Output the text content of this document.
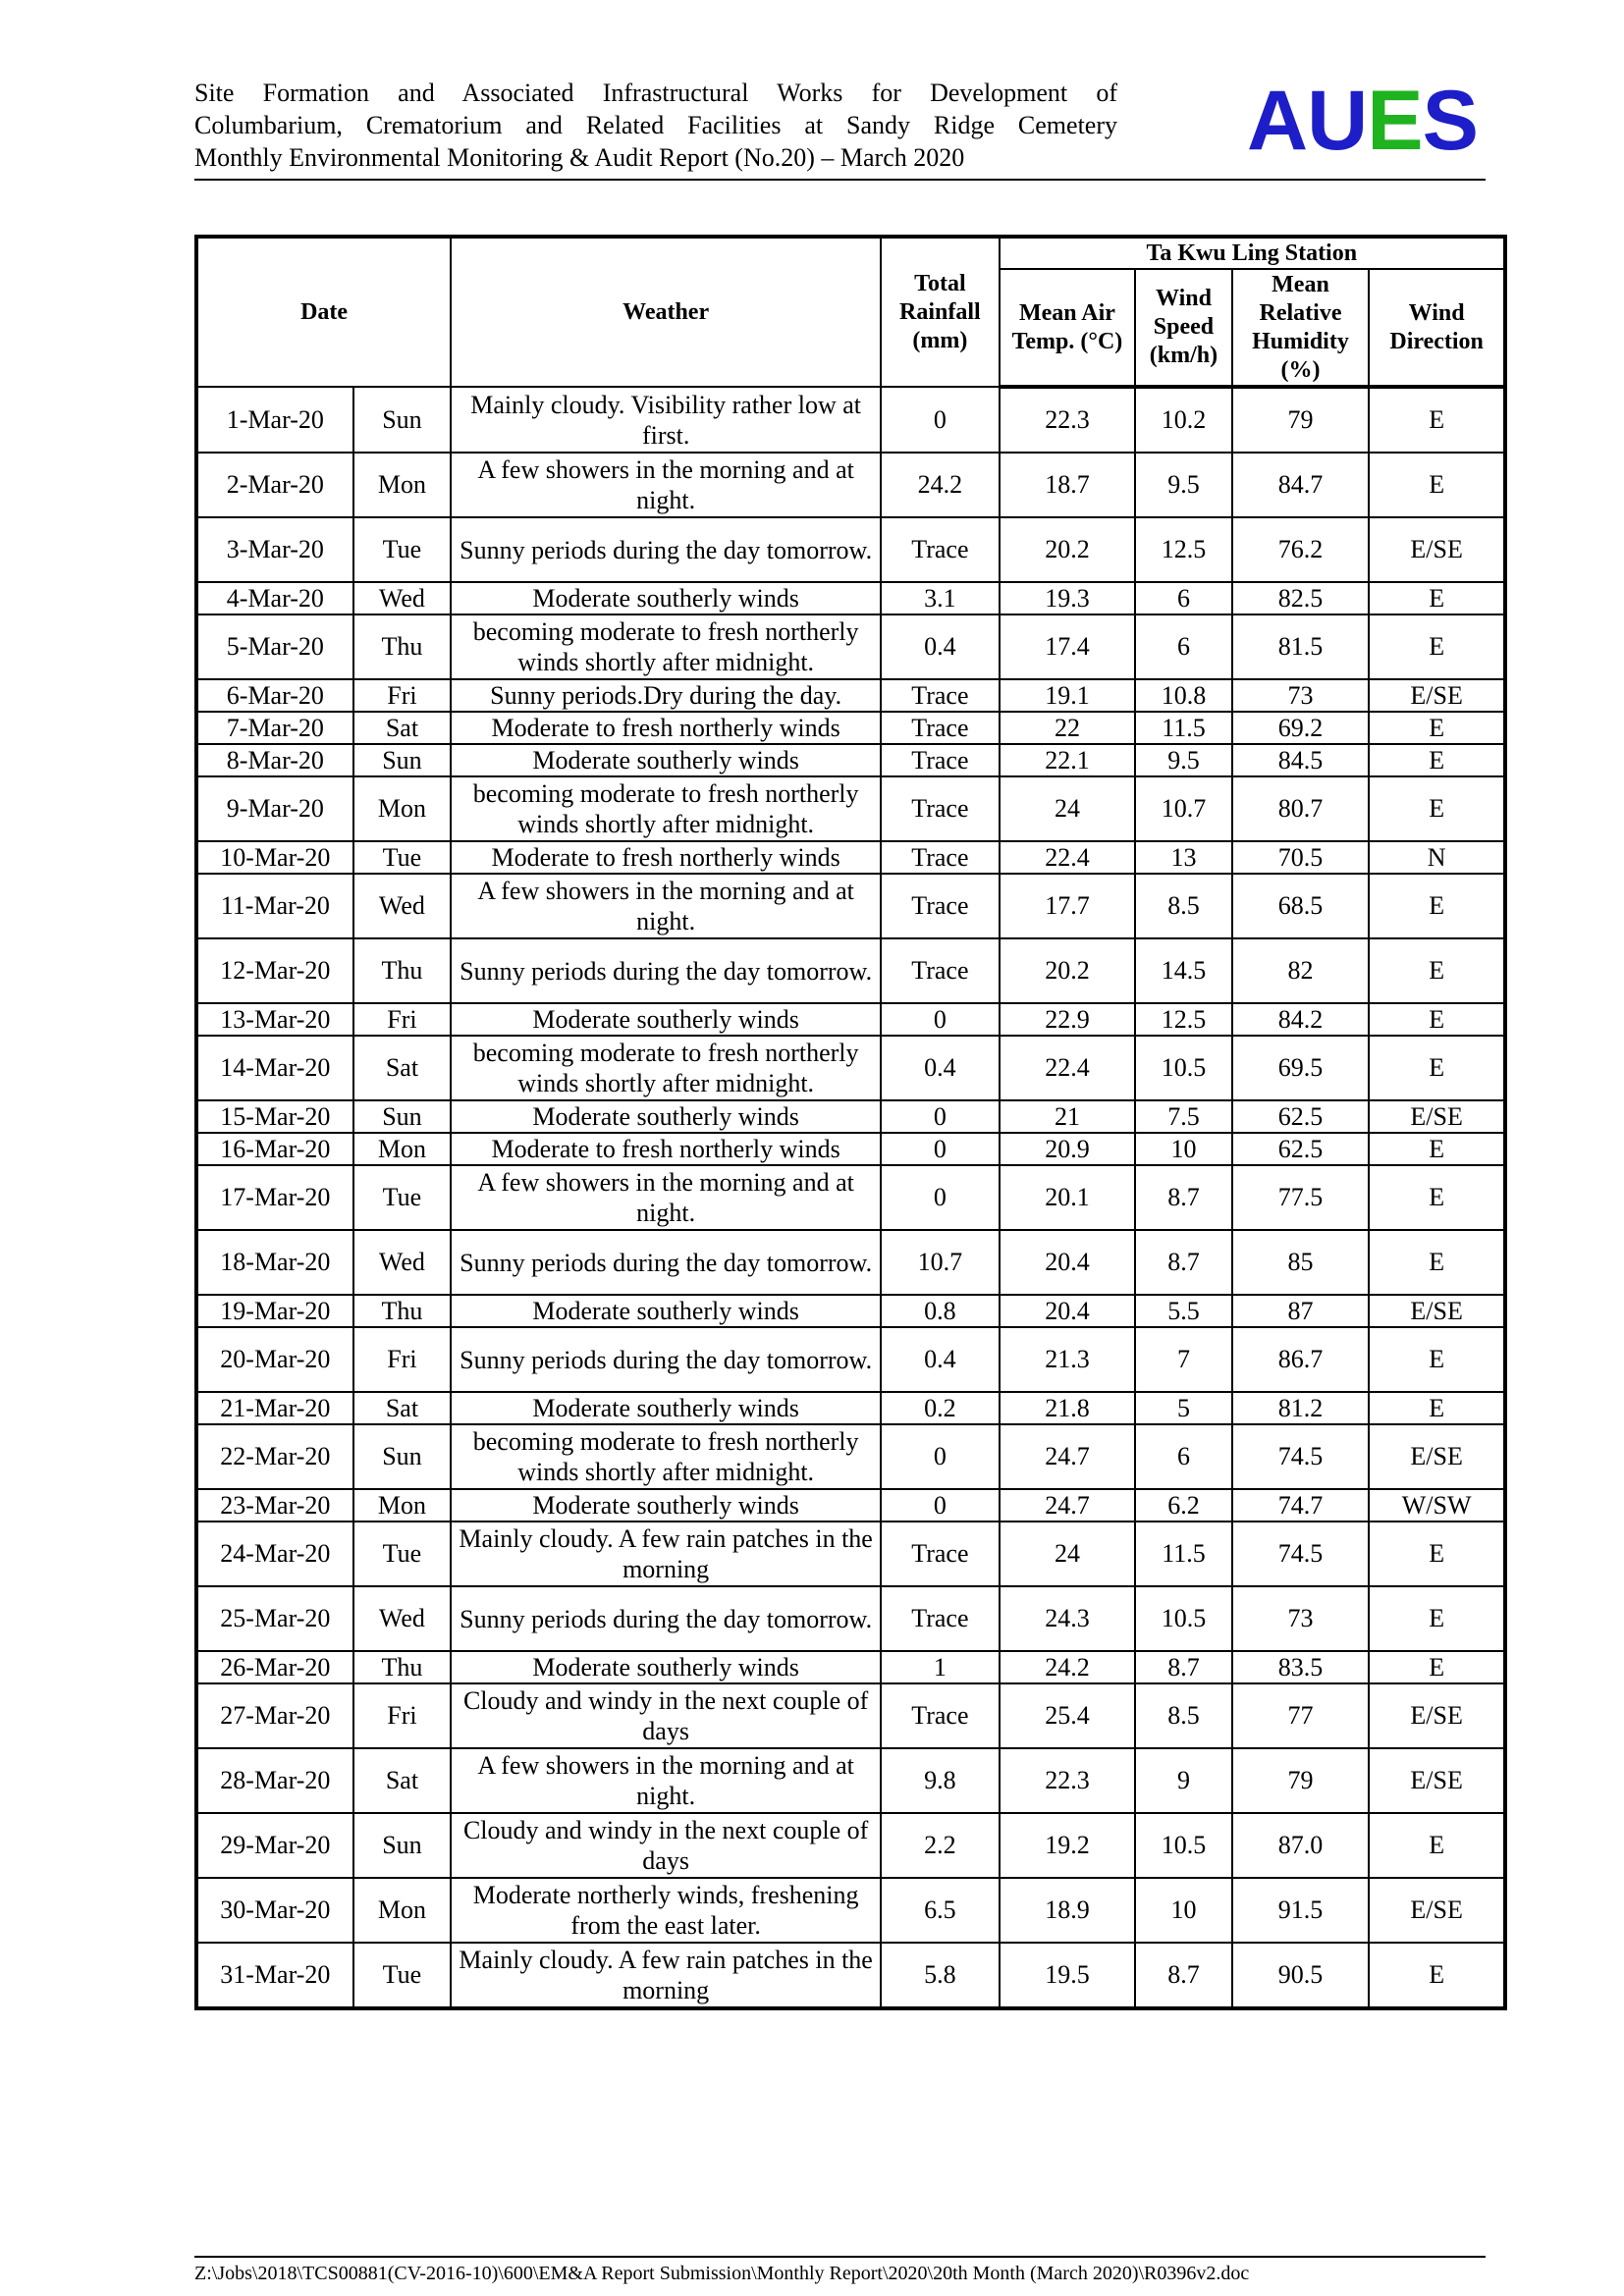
Site Formation and Associated Infrastructural Works for Development of
Columbarium, Crematorium and Related Facilities at Sandy Ridge Cemetery
Monthly Environmental Monitoring & Audit Report (No.20) – March 2020	AUES
Date		Weather	Total Rainfall (mm)	Ta Kwu Ling Station			
				Mean Air Temp. (°C)	Wind Speed (km/h)	Mean Relative Humidity (%)	Wind Direction
1-Mar-20	Sun	Mainly cloudy. Visibility rather low at first.	0	22.3	10.2	79	E
2-Mar-20	Mon	A few showers in the morning and at night.	24.2	18.7	9.5	84.7	E
3-Mar-20	Tue	Sunny periods during the day tomorrow.	Trace	20.2	12.5	76.2	E/SE
4-Mar-20	Wed	Moderate southerly winds	3.1	19.3	6	82.5	E
5-Mar-20	Thu	becoming moderate to fresh northerly winds shortly after midnight.	0.4	17.4	6	81.5	E
6-Mar-20	Fri	Sunny periods.Dry during the day.	Trace	19.1	10.8	73	E/SE
7-Mar-20	Sat	Moderate to fresh northerly winds	Trace	22	11.5	69.2	E
8-Mar-20	Sun	Moderate southerly winds	Trace	22.1	9.5	84.5	E
9-Mar-20	Mon	becoming moderate to fresh northerly winds shortly after midnight.	Trace	24	10.7	80.7	E
10-Mar-20	Tue	Moderate to fresh northerly winds	Trace	22.4	13	70.5	N
11-Mar-20	Wed	A few showers in the morning and at night.	Trace	17.7	8.5	68.5	E
12-Mar-20	Thu	Sunny periods during the day tomorrow.	Trace	20.2	14.5	82	E
13-Mar-20	Fri	Moderate southerly winds	0	22.9	12.5	84.2	E
14-Mar-20	Sat	becoming moderate to fresh northerly winds shortly after midnight.	0.4	22.4	10.5	69.5	E
15-Mar-20	Sun	Moderate southerly winds	0	21	7.5	62.5	E/SE
16-Mar-20	Mon	Moderate to fresh northerly winds	0	20.9	10	62.5	E
17-Mar-20	Tue	A few showers in the morning and at night.	0	20.1	8.7	77.5	E
18-Mar-20	Wed	Sunny periods during the day tomorrow.	10.7	20.4	8.7	85	E
19-Mar-20	Thu	Moderate southerly winds	0.8	20.4	5.5	87	E/SE
20-Mar-20	Fri	Sunny periods during the day tomorrow.	0.4	21.3	7	86.7	E
21-Mar-20	Sat	Moderate southerly winds	0.2	21.8	5	81.2	E
22-Mar-20	Sun	becoming moderate to fresh northerly winds shortly after midnight.	0	24.7	6	74.5	E/SE
23-Mar-20	Mon	Moderate southerly winds	0	24.7	6.2	74.7	W/SW
24-Mar-20	Tue	Mainly cloudy. A few rain patches in the morning	Trace	24	11.5	74.5	E
25-Mar-20	Wed	Sunny periods during the day tomorrow.	Trace	24.3	10.5	73	E
26-Mar-20	Thu	Moderate southerly winds	1	24.2	8.7	83.5	E
27-Mar-20	Fri	Cloudy and windy in the next couple of days	Trace	25.4	8.5	77	E/SE
28-Mar-20	Sat	A few showers in the morning and at night.	9.8	22.3	9	79	E/SE
29-Mar-20	Sun	Cloudy and windy in the next couple of days	2.2	19.2	10.5	87.0	E
30-Mar-20	Mon	Moderate northerly winds, freshening from the east later.	6.5	18.9	10	91.5	E/SE
31-Mar-20	Tue	Mainly cloudy. A few rain patches in the morning	5.8	19.5	8.7	90.5	E
Z:\Jobs\2018\TCS00881(CV-2016-10)\600\EM&A Report Submission\Monthly Report\2020\20th Month (March 2020)\R0396v2.doc
